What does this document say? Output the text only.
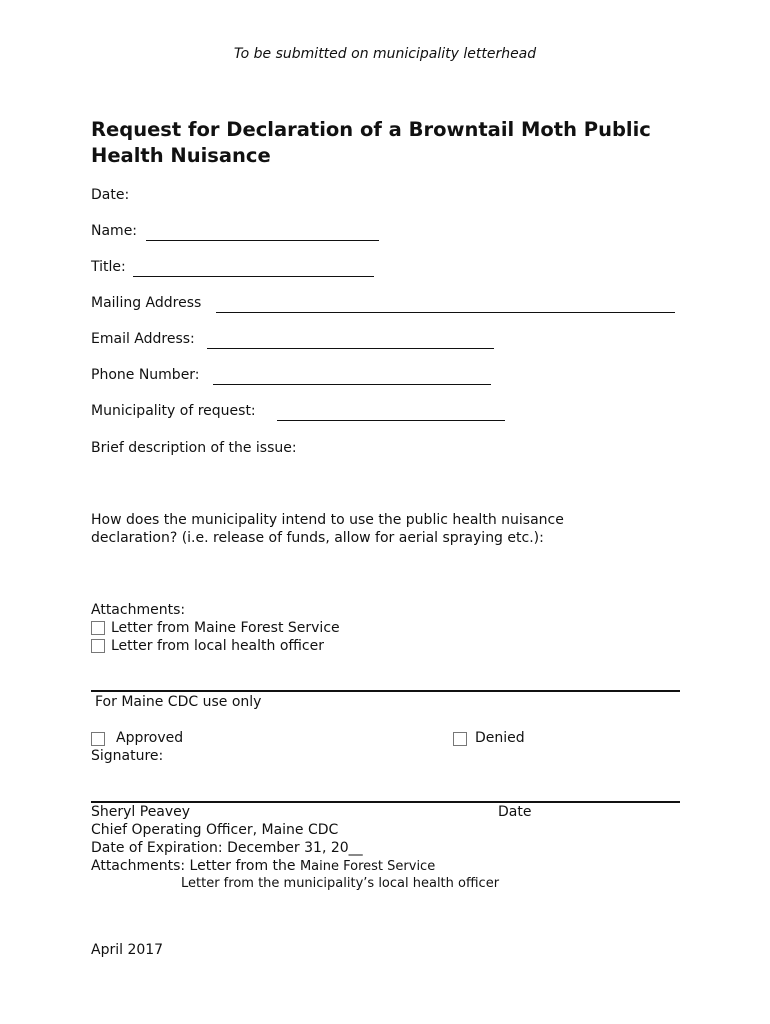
To be submitted on municipality letterhead
Request for Declaration of a Browntail Moth Public Health Nuisance
Date:
Name:
Title:
Mailing Address
Email Address:
Phone Number:
Municipality of request:
Brief description of the issue:
How does the municipality intend to use the public health nuisance
declaration? (i.e. release of funds, allow for aerial spraying etc.):
Attachments:
Letter from Maine Forest Service
Letter from local health officer
For Maine CDC use only
Approved	Denied
Signature:
Sheryl Peavey	Date
Chief Operating Officer, Maine CDC
Date of Expiration: December 31, 20__
Attachments: Letter from the Maine Forest Service
Letter from the municipality’s local health officer
April 2017
